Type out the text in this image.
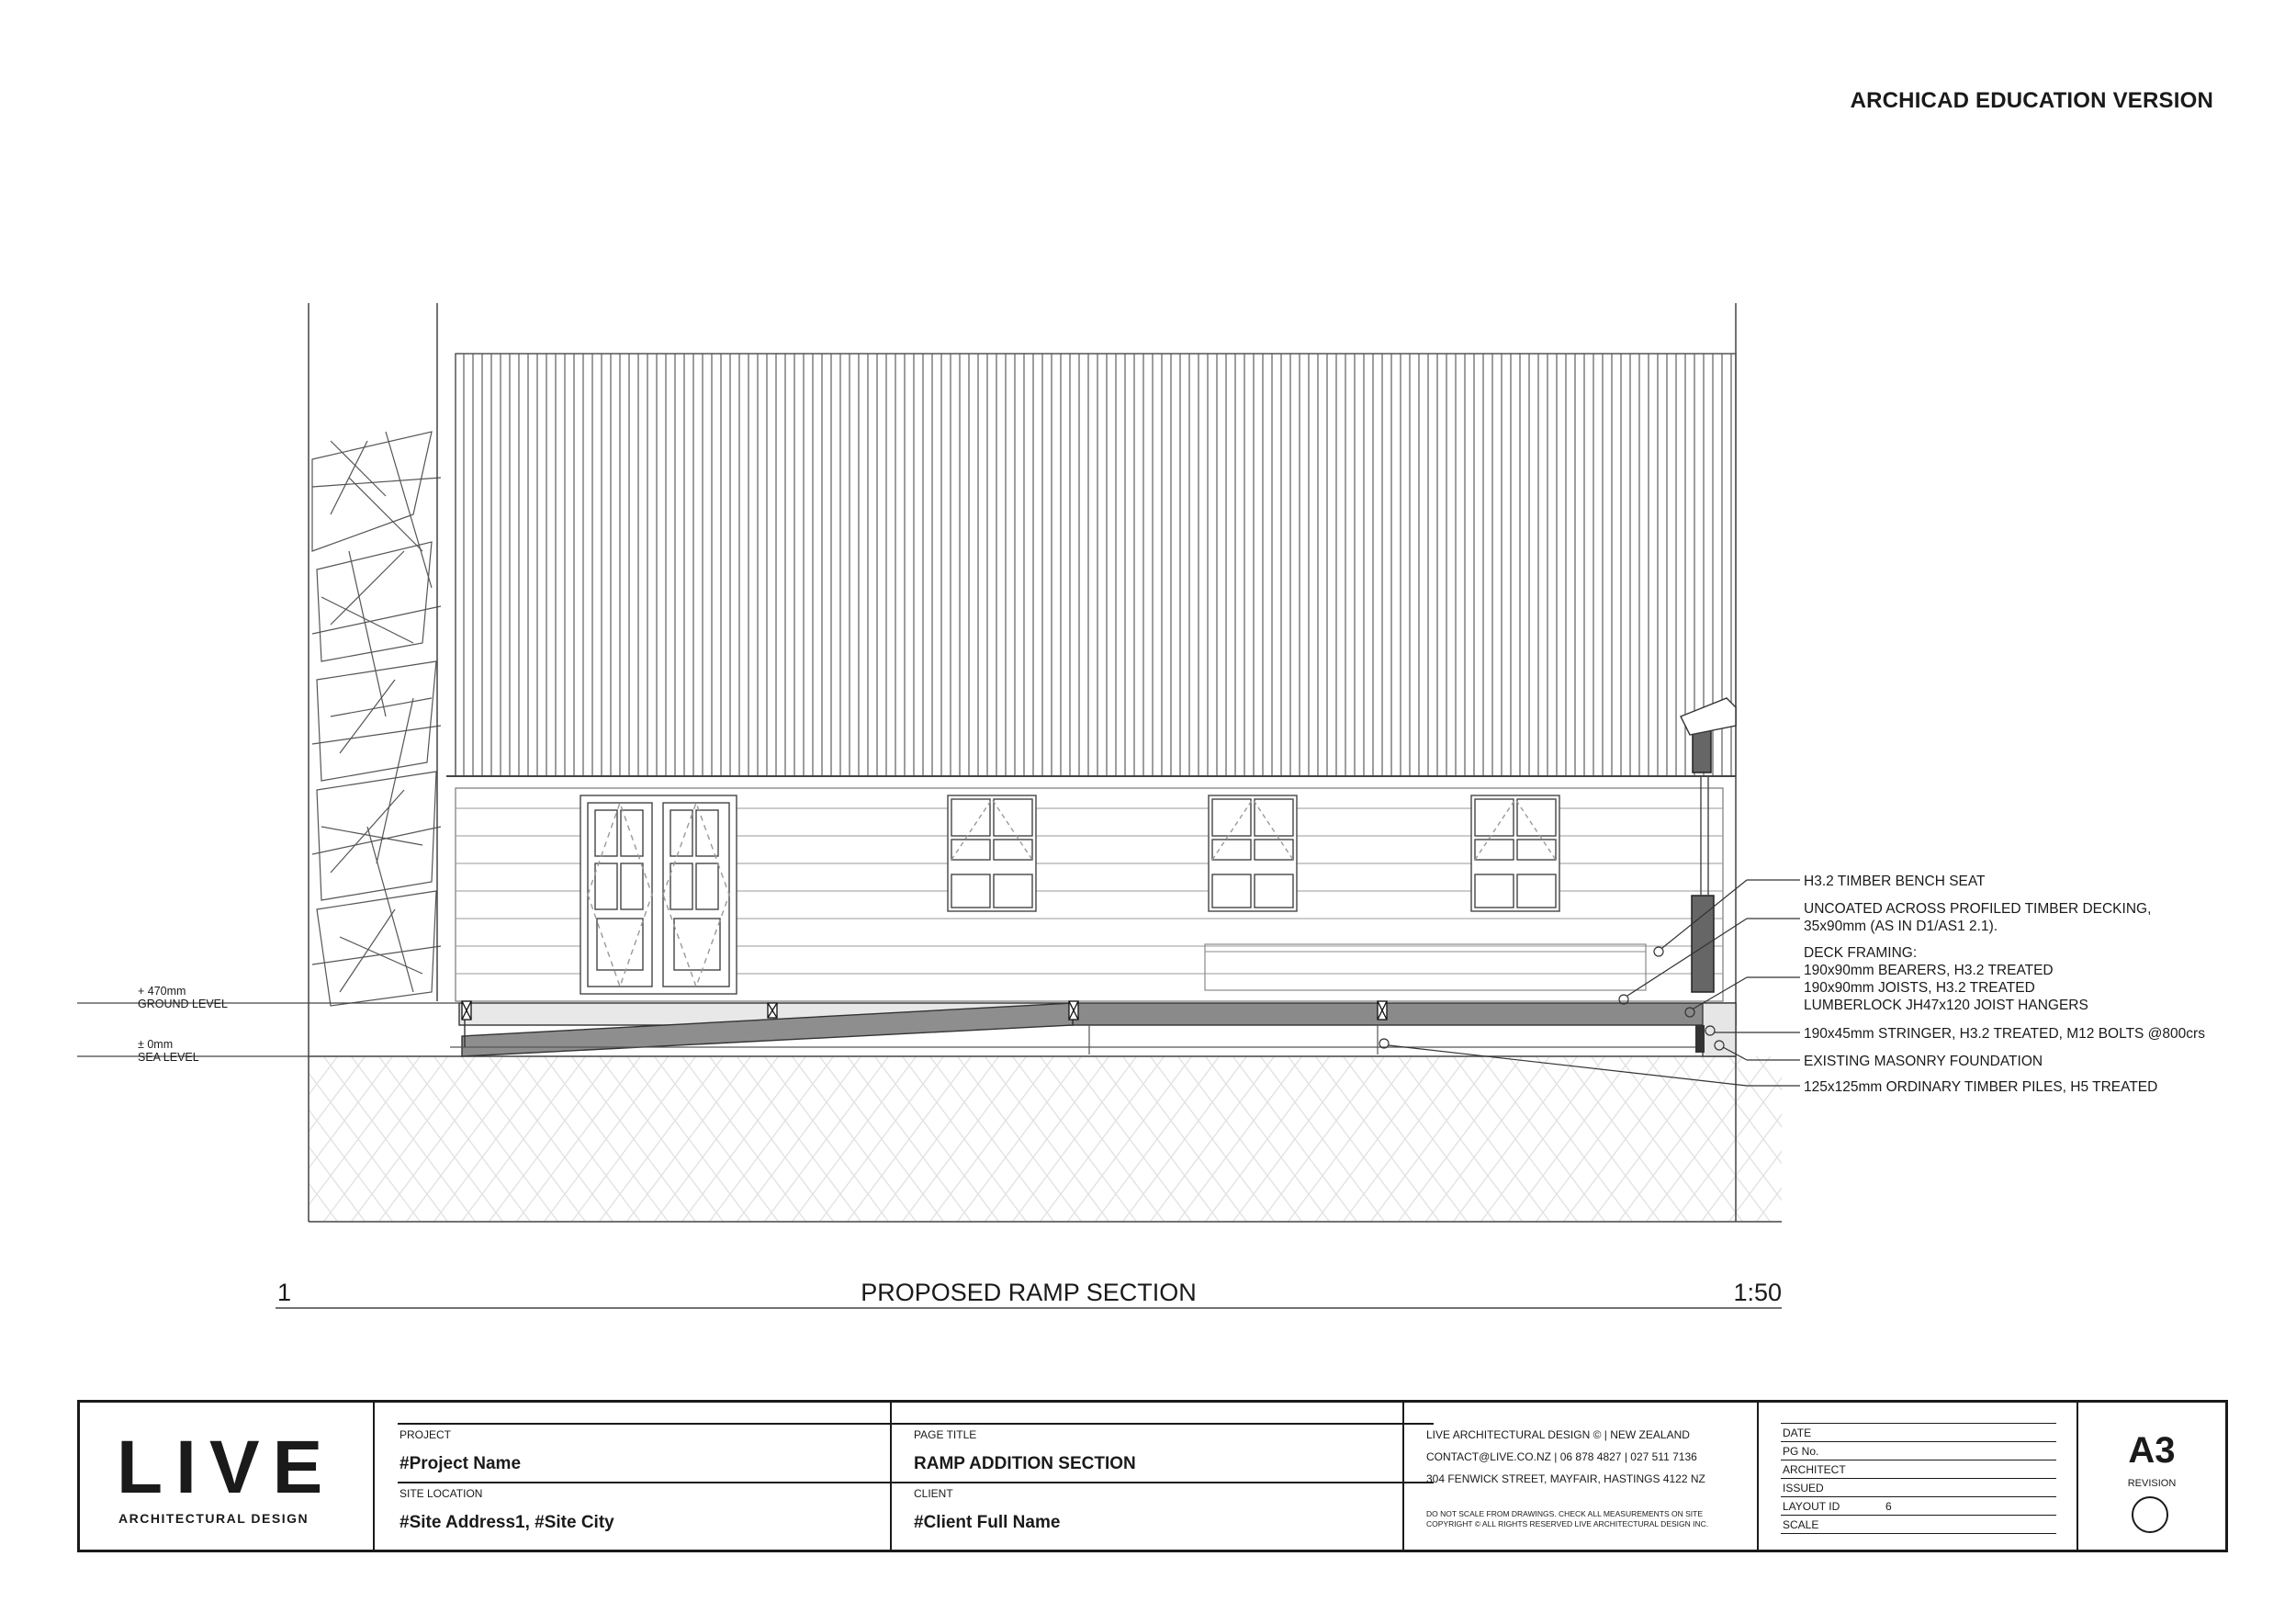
ARCHICAD EDUCATION VERSION
+ 470mm
GROUND LEVEL
± 0mm
SEA LEVEL
H3.2 TIMBER BENCH SEAT
UNCOATED ACROSS PROFILED TIMBER DECKING,
35x90mm (AS IN D1/AS1 2.1).
DECK FRAMING:
190x90mm BEARERS, H3.2 TREATED
190x90mm JOISTS, H3.2 TREATED
LUMBERLOCK JH47x120 JOIST HANGERS
190x45mm STRINGER, H3.2 TREATED, M12 BOLTS @800crs
EXISTING MASONRY FOUNDATION
125x125mm ORDINARY TIMBER PILES, H5 TREATED
1	PROPOSED RAMP SECTION	1:50
LIVE
ARCHITECTURAL DESIGN
PROJECT
#Project Name
SITE LOCATION
#Site Address1, #Site City
PAGE TITLE
RAMP ADDITION SECTION
CLIENT
#Client Full Name
LIVE ARCHITECTURAL DESIGN © | NEW ZEALAND
CONTACT@LIVE.CO.NZ | 06 878 4827 | 027 511 7136
304 FENWICK STREET, MAYFAIR, HASTINGS 4122 NZ
DO NOT SCALE FROM DRAWINGS. CHECK ALL MEASUREMENTS ON SITE
COPYRIGHT © ALL RIGHTS RESERVED LIVE ARCHITECTURAL DESIGN INC.
DATE
PG No.
ARCHITECT
ISSUED
LAYOUT ID	6
SCALE
A3
REVISION
